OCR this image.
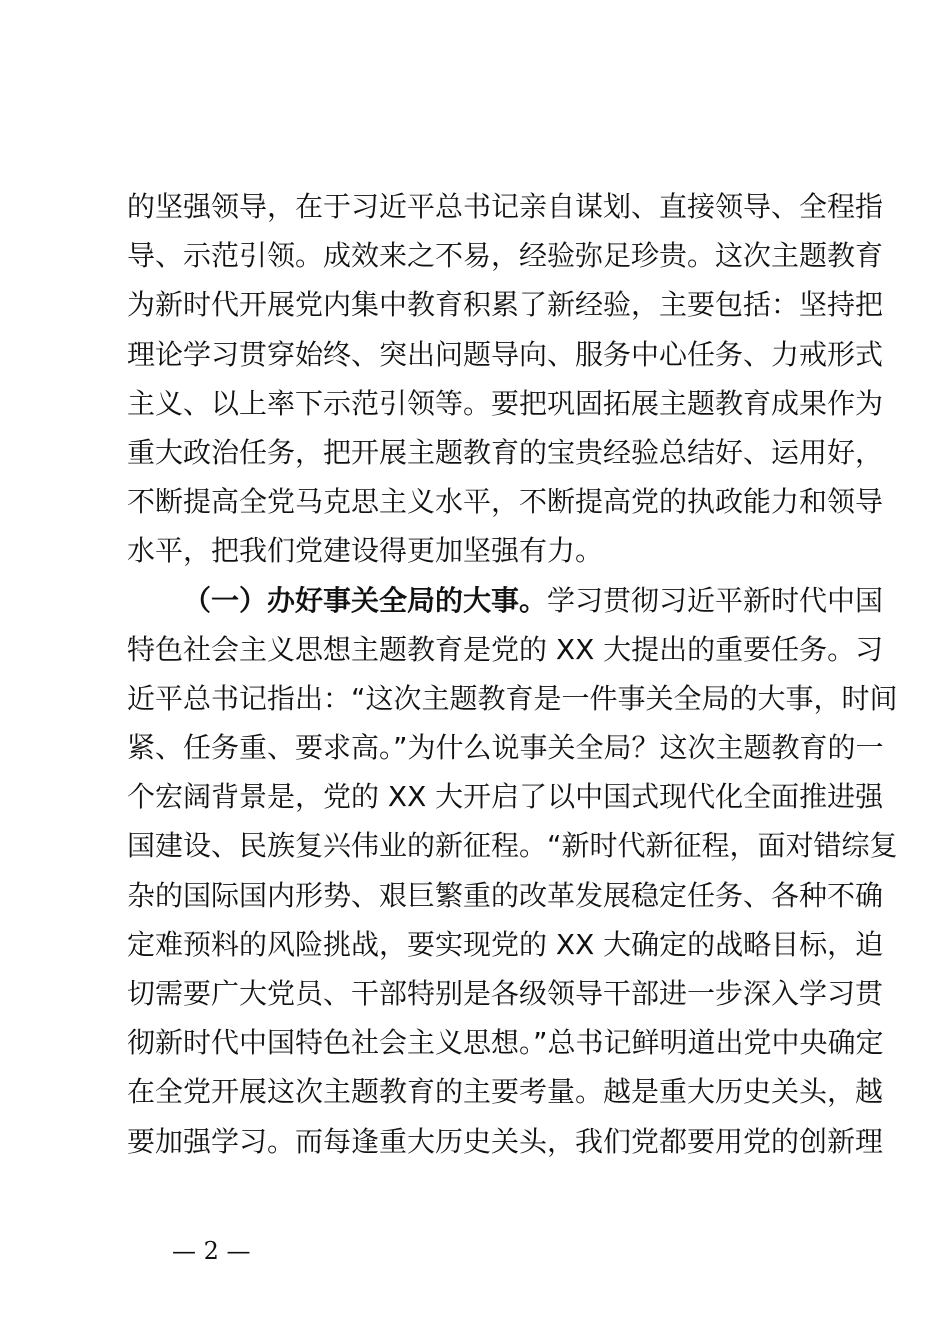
的坚强领导，在于习近平总书记亲自谋划、直接领导、全程指
导、示范引领。成效来之不易，经验弥足珍贵。这次主题教育
为新时代开展党内集中教育积累了新经验，主要包括：坚持把
理论学习贯穿始终、突出问题导向、服务中心任务、力戒形式
主义、以上率下示范引领等。要把巩固拓展主题教育成果作为
重大政治任务，把开展主题教育的宝贵经验总结好、运用好，
不断提高全党马克思主义水平，不断提高党的执政能力和领导
水平，把我们党建设得更加坚强有力。
（一）办好事关全局的大事。学习贯彻习近平新时代中国
特色社会主义思想主题教育是党的 XX 大提出的重要任务。习
近平总书记指出：“这次主题教育是一件事关全局的大事，时间
紧、任务重、要求高。”为什么说事关全局？这次主题教育的一
个宏阔背景是，党的 XX 大开启了以中国式现代化全面推进强
国建设、民族复兴伟业的新征程。“新时代新征程，面对错综复
杂的国际国内形势、艰巨繁重的改革发展稳定任务、各种不确
定难预料的风险挑战，要实现党的 XX 大确定的战略目标，迫
切需要广大党员、干部特别是各级领导干部进一步深入学习贯
彻新时代中国特色社会主义思想。”总书记鲜明道出党中央确定
在全党开展这次主题教育的主要考量。越是重大历史关头，越
要加强学习。而每逢重大历史关头，我们党都要用党的创新理
— 2 —
